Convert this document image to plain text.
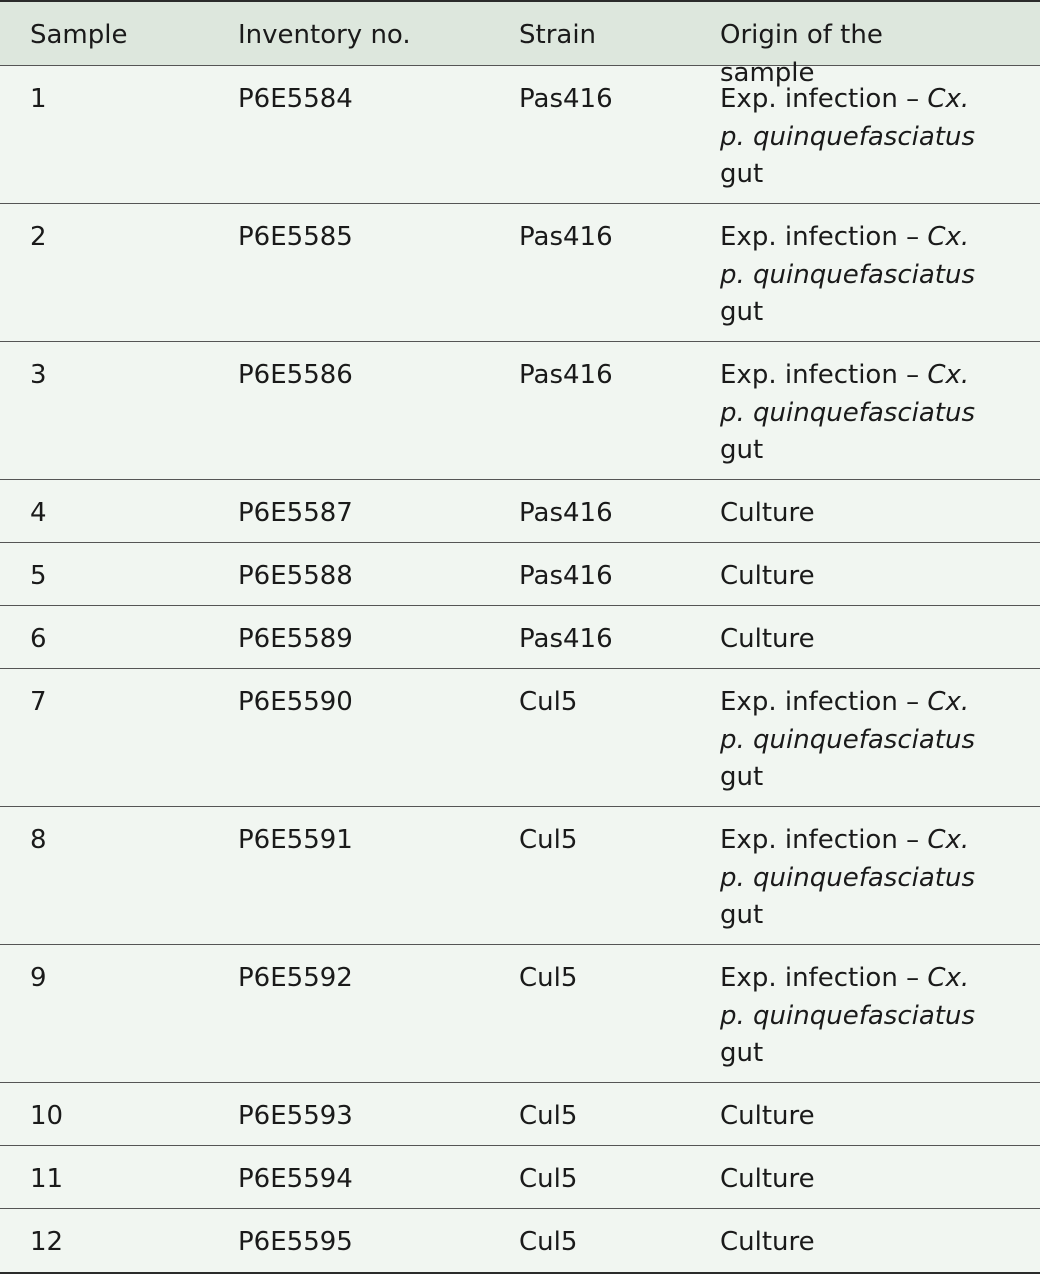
Sample	Inventory no.	Strain	Origin of the sample
1	P6E5584	Pas416	Exp. infection – Cx. p. quinquefasciatus gut
2	P6E5585	Pas416	Exp. infection – Cx. p. quinquefasciatus gut
3	P6E5586	Pas416	Exp. infection – Cx. p. quinquefasciatus gut
4	P6E5587	Pas416	Culture
5	P6E5588	Pas416	Culture
6	P6E5589	Pas416	Culture
7	P6E5590	Cul5	Exp. infection – Cx. p. quinquefasciatus gut
8	P6E5591	Cul5	Exp. infection – Cx. p. quinquefasciatus gut
9	P6E5592	Cul5	Exp. infection – Cx. p. quinquefasciatus gut
10	P6E5593	Cul5	Culture
11	P6E5594	Cul5	Culture
12	P6E5595	Cul5	Culture
